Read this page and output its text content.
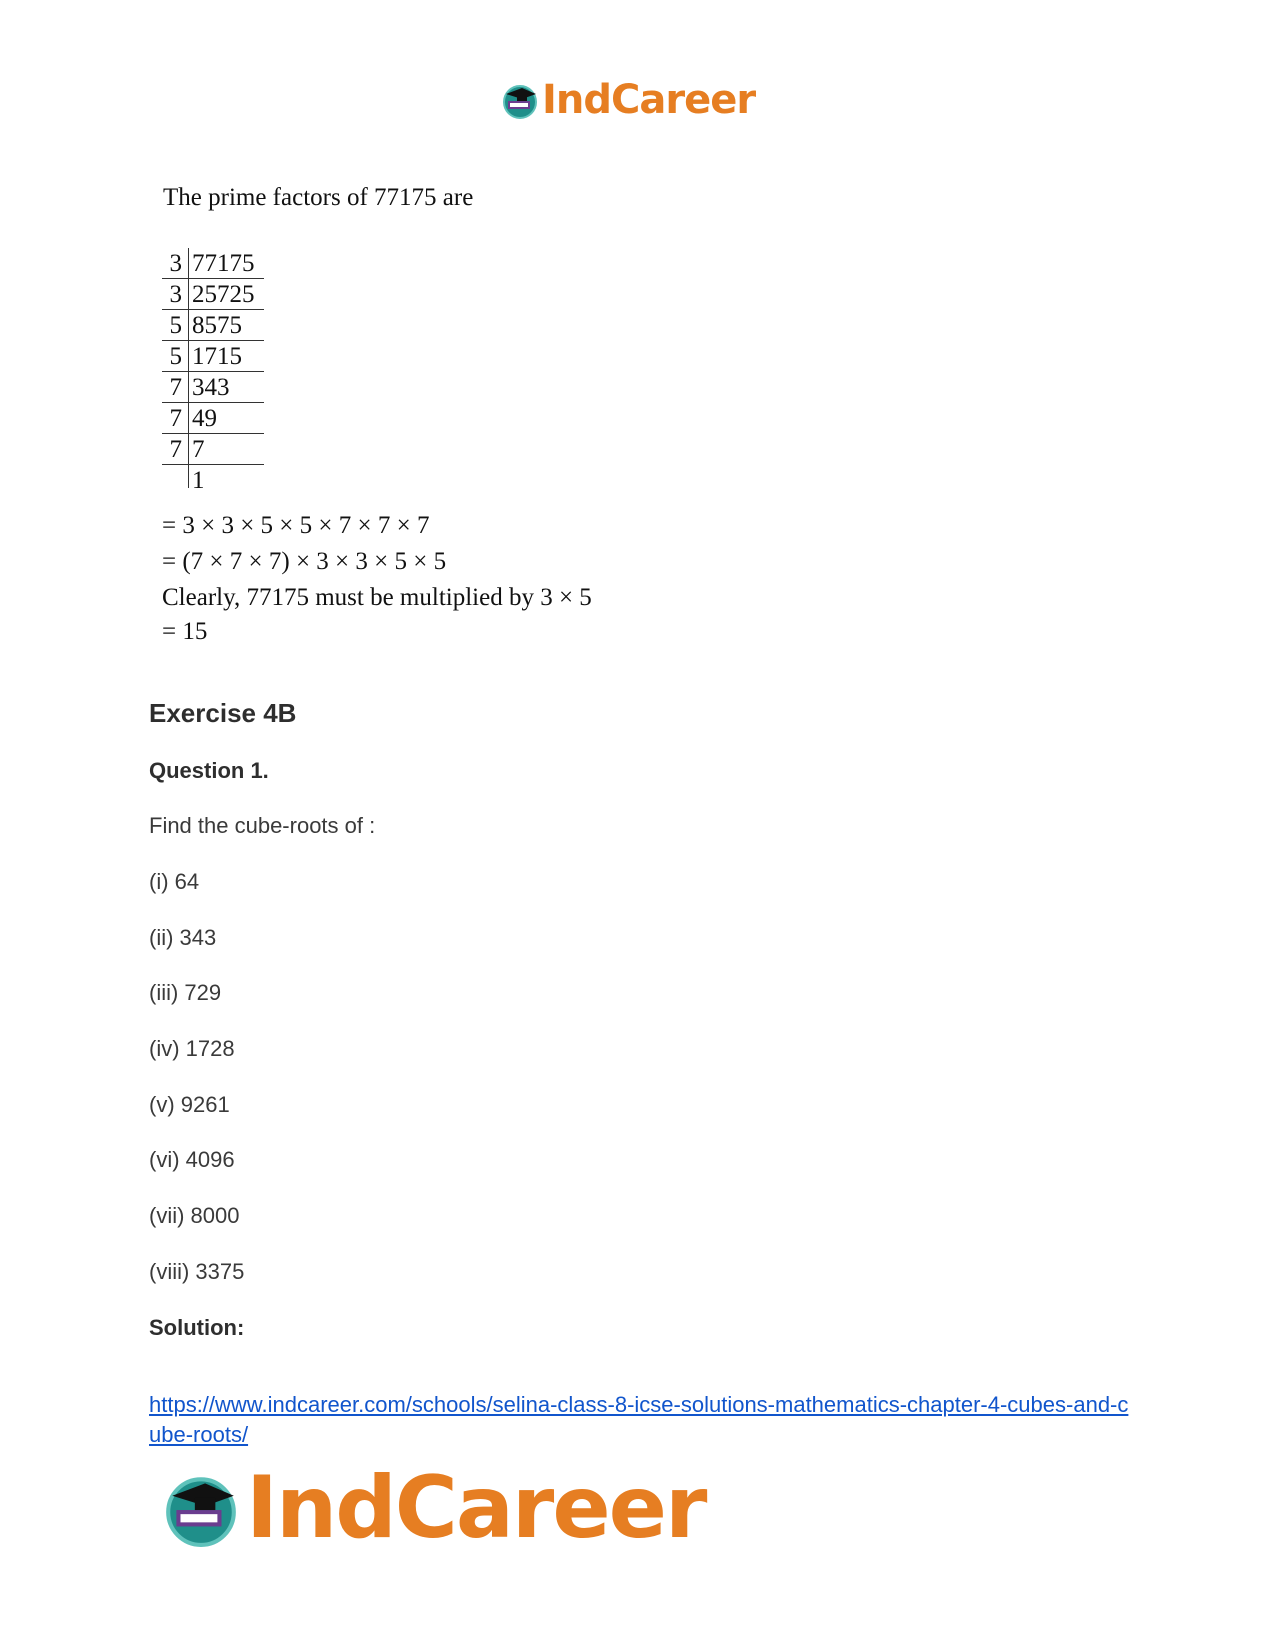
IndCareer
The prime factors of 77175 are
3 77175
3 25725
5 8575
5 1715
7 343
7 49
7 7
1
= 3 × 3 × 5 × 5 × 7 × 7 × 7
= (7 × 7 × 7) × 3 × 3 × 5 × 5
Clearly, 77175 must be multiplied by 3 × 5
= 15
Exercise 4B
Question 1.
Find the cube-roots of :
(i) 64
(ii) 343
(iii) 729
(iv) 1728
(v) 9261
(vi) 4096
(vii) 8000
(viii) 3375
Solution:
https://www.indcareer.com/schools/selina-class-8-icse-solutions-mathematics-chapter-4-cubes-and-cube-roots/
IndCareer
